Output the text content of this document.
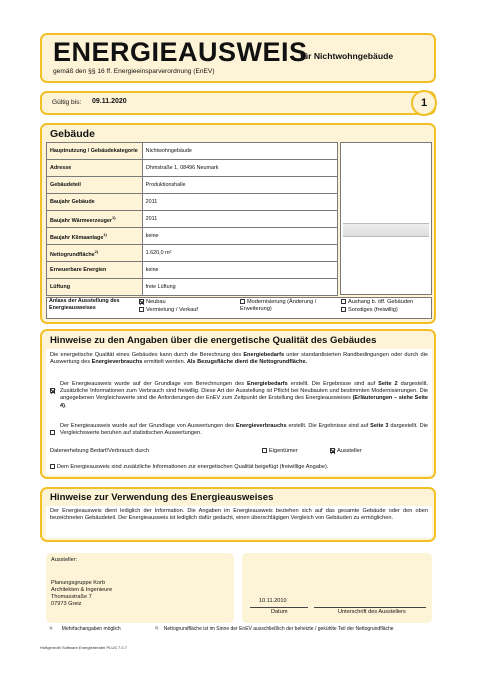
ENERGIEAUSWEIS
für Nichtwohngebäude
gemäß den §§ 16 ff. Energieeinsparverordnung (EnEV)
Gültig bis: 09.11.2020	1
Gebäude
Hauptnutzung / Gebäudekategorie	Nichtwohngebäude
Adresse	Ohmstraße 1, 08496 Neumark
Gebäudeteil	Produktionshalle
Baujahr Gebäude	2011
Baujahr Wärmeerzeuger$^{1)}$	2011
Baujahr Klimaanlage$^{1)}$	keine
Nettogrundfläche$^{2)}$	1.620,0 m²
Erneuerbare Energien	keine
Lüftung	freie Lüftung
Anlass der Ausstellung des Energieausweises
Neubau
Vermietung / Verkauf
Modernisierung (Änderung / Erweiterung)
Aushang b. öff. Gebäuden
Sonstiges (freiwillig)
Hinweise zu den Angaben über die energetische Qualität des Gebäudes
Die energetische Qualität eines Gebäudes kann durch die Berechnung des Energiebedarfs unter standardisierten Randbedingungen oder durch die Auswertung des Energieverbrauchs ermittelt werden. Als Bezugsfläche dient die Nettogrundfläche.
Der Energieausweis wurde auf der Grundlage von Berechnungen des Energiebedarfs erstellt. Die Ergebnisse sind auf Seite 2 dargestellt. Zusätzliche Informationen zum Verbrauch sind freiwillig. Diese Art der Ausstellung ist Pflicht bei Neubauten und bestimmten Modernisierungen. Die angegebenen Vergleichswerte sind die Anforderungen der EnEV zum Zeitpunkt der Erstellung des Energieausweises (Erläuterungen – siehe Seite 4).
Der Energieausweis wurde auf der Grundlage von Auswertungen des Energieverbrauchs erstellt. Die Ergebnisse sind auf Seite 3 dargestellt. Die Vergleichswerte beruhen auf statistischen Auswertungen.
Datenerhebung Bedarf/Verbrauch durch	Eigentümer	Aussteller
Dem Energieausweis sind zusätzliche Informationen zur energetischen Qualität beigefügt (freiwillige Angabe).
Hinweise zur Verwendung des Energieausweises
Der Energieausweis dient lediglich der Information. Die Angaben im Energieausweis beziehen sich auf das gesamte Gebäude oder den oben bezeichneten Gebäudeteil. Der Energieausweis ist lediglich dafür gedacht, einen überschlägigen Vergleich von Gebäuden zu ermöglichen.
Aussteller:
Planungsgruppe Korb
Architekten & Ingenieure
Thomasstraße 7
07973 Greiz	10.11.2010
Datum	Unterschrift des Ausstellers
$^{1)}$ Mehrfachangaben möglich	$^{2)}$ Nettogrundfläche ist im Sinne der EnEV ausschließlich der beheizte / gekühlte Teil der Nettogrundfläche
Hottgenroth Software Energieberater PLUS 7.0.7
